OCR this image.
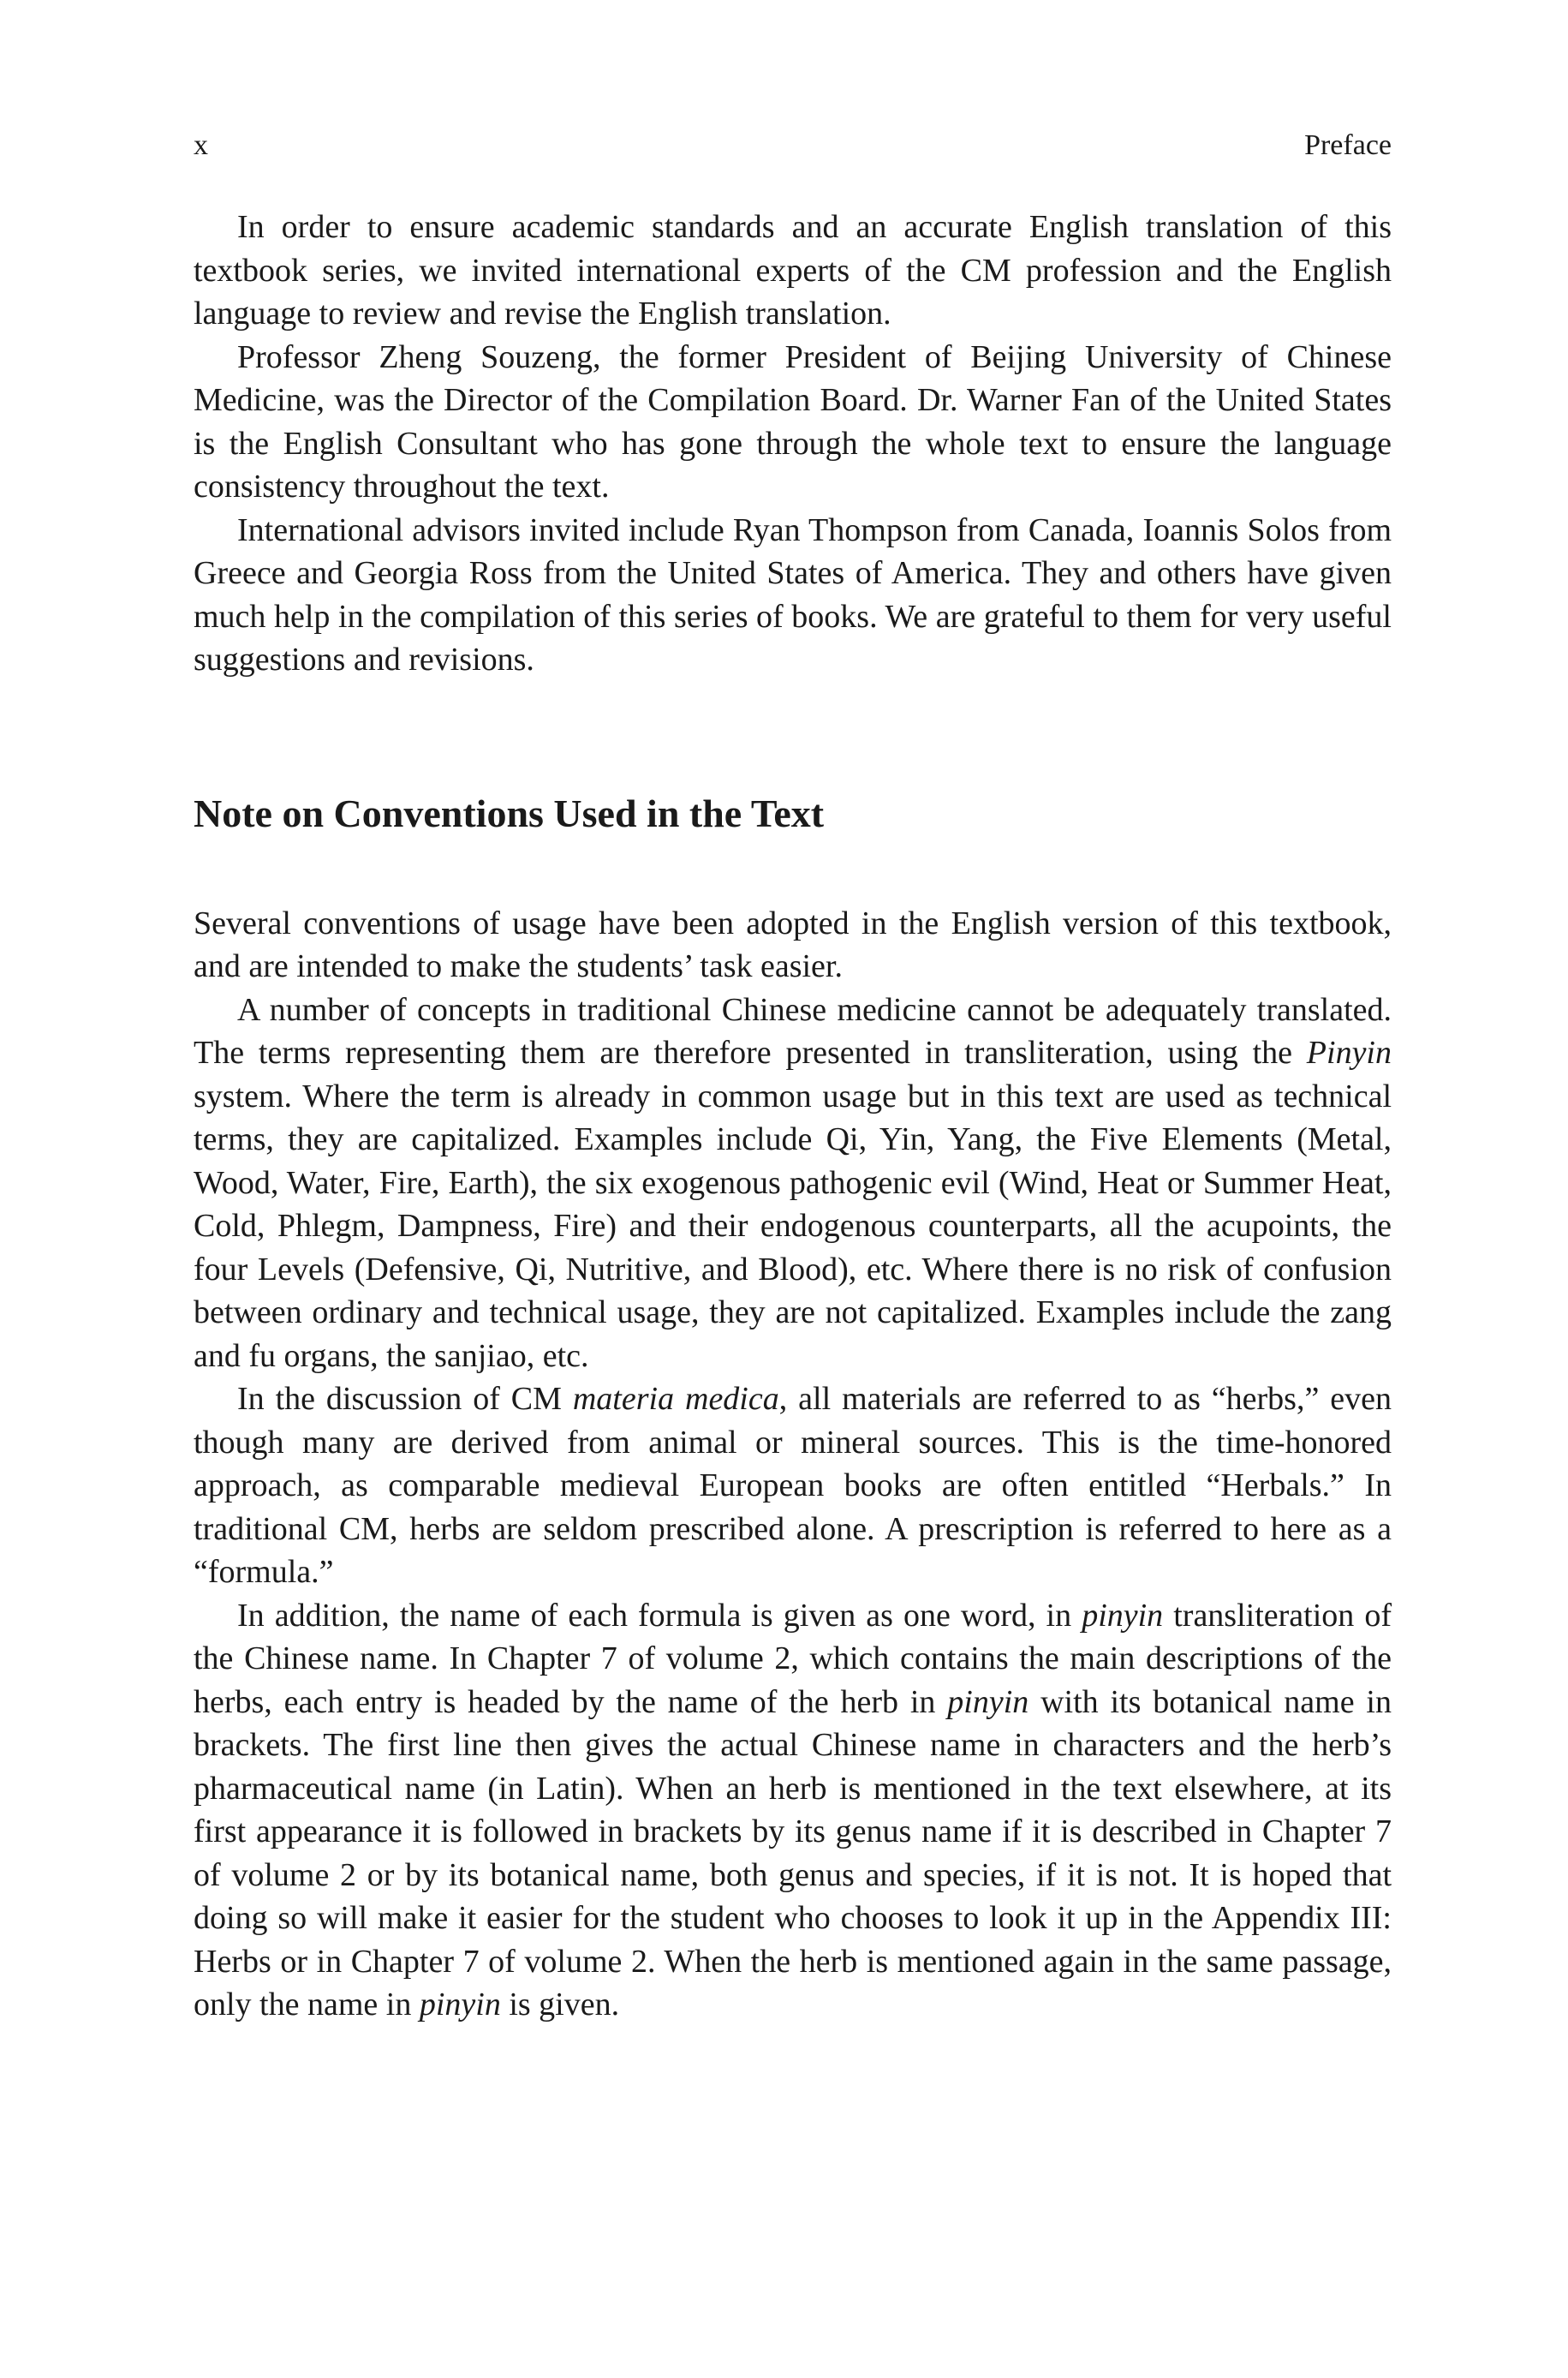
x	Preface

In order to ensure academic standards and an accurate English translation of this textbook series, we invited international experts of the CM profession and the English language to review and revise the English translation.

Professor Zheng Souzeng, the former President of Beijing University of Chinese Medicine, was the Director of the Compilation Board. Dr. Warner Fan of the United States is the English Consultant who has gone through the whole text to ensure the language consistency throughout the text.

International advisors invited include Ryan Thompson from Canada, Ioannis Solos from Greece and Georgia Ross from the United States of America. They and others have given much help in the compilation of this series of books. We are grateful to them for very useful suggestions and revisions.

Note on Conventions Used in the Text

Several conventions of usage have been adopted in the English version of this textbook, and are intended to make the students’ task easier.

A number of concepts in traditional Chinese medicine cannot be adequately translated. The terms representing them are therefore presented in transliteration, using the Pinyin system. Where the term is already in common usage but in this text are used as technical terms, they are capitalized. Examples include Qi, Yin, Yang, the Five Elements (Metal, Wood, Water, Fire, Earth), the six exogenous pathogenic evil (Wind, Heat or Summer Heat, Cold, Phlegm, Dampness, Fire) and their endogenous counterparts, all the acupoints, the four Levels (Defensive, Qi, Nutritive, and Blood), etc. Where there is no risk of confusion between ordinary and technical usage, they are not capitalized. Examples include the zang and fu organs, the sanjiao, etc.

In the discussion of CM materia medica, all materials are referred to as “herbs,” even though many are derived from animal or mineral sources. This is the time-honored approach, as comparable medieval European books are often entitled “Herbals.” In traditional CM, herbs are seldom prescribed alone. A prescription is referred to here as a “formula.”

In addition, the name of each formula is given as one word, in pinyin transliteration of the Chinese name. In Chapter 7 of volume 2, which contains the main descriptions of the herbs, each entry is headed by the name of the herb in pinyin with its botanical name in brackets. The first line then gives the actual Chinese name in characters and the herb’s pharmaceutical name (in Latin). When an herb is mentioned in the text elsewhere, at its first appearance it is followed in brackets by its genus name if it is described in Chapter 7 of volume 2 or by its botanical name, both genus and species, if it is not. It is hoped that doing so will make it easier for the student who chooses to look it up in the Appendix III: Herbs or in Chapter 7 of volume 2. When the herb is mentioned again in the same passage, only the name in pinyin is given.
